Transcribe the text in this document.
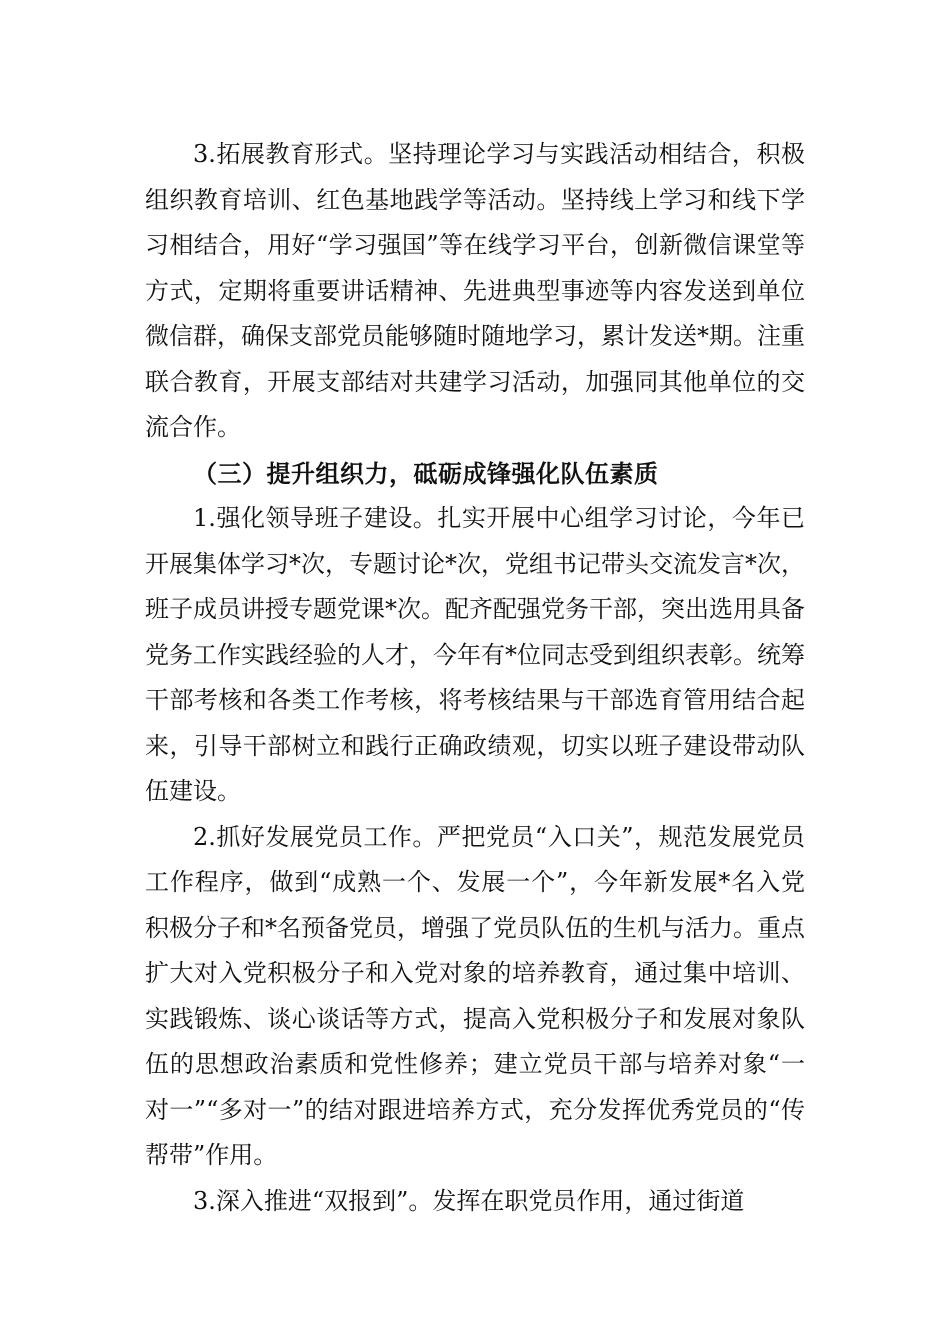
3.拓展教育形式。坚持理论学习与实践活动相结合，积极组织教育培训、红色基地践学等活动。坚持线上学习和线下学习相结合，用好“学习强国”等在线学习平台，创新微信课堂等方式，定期将重要讲话精神、先进典型事迹等内容发送到单位微信群，确保支部党员能够随时随地学习，累计发送*期。注重联合教育，开展支部结对共建学习活动，加强同其他单位的交流合作。

（三）提升组织力，砥砺成锋强化队伍素质

1.强化领导班子建设。扎实开展中心组学习讨论，今年已开展集体学习*次，专题讨论*次，党组书记带头交流发言*次，班子成员讲授专题党课*次。配齐配强党务干部，突出选用具备党务工作实践经验的人才，今年有*位同志受到组织表彰。统筹干部考核和各类工作考核，将考核结果与干部选育管用结合起来，引导干部树立和践行正确政绩观，切实以班子建设带动队伍建设。

2.抓好发展党员工作。严把党员“入口关”，规范发展党员工作程序，做到“成熟一个、发展一个”，今年新发展*名入党积极分子和*名预备党员，增强了党员队伍的生机与活力。重点扩大对入党积极分子和入党对象的培养教育，通过集中培训、实践锻炼、谈心谈话等方式，提高入党积极分子和发展对象队伍的思想政治素质和党性修养；建立党员干部与培养对象“一对一”“多对一”的结对跟进培养方式，充分发挥优秀党员的“传帮带”作用。

3.深入推进“双报到”。发挥在职党员作用，通过街道
